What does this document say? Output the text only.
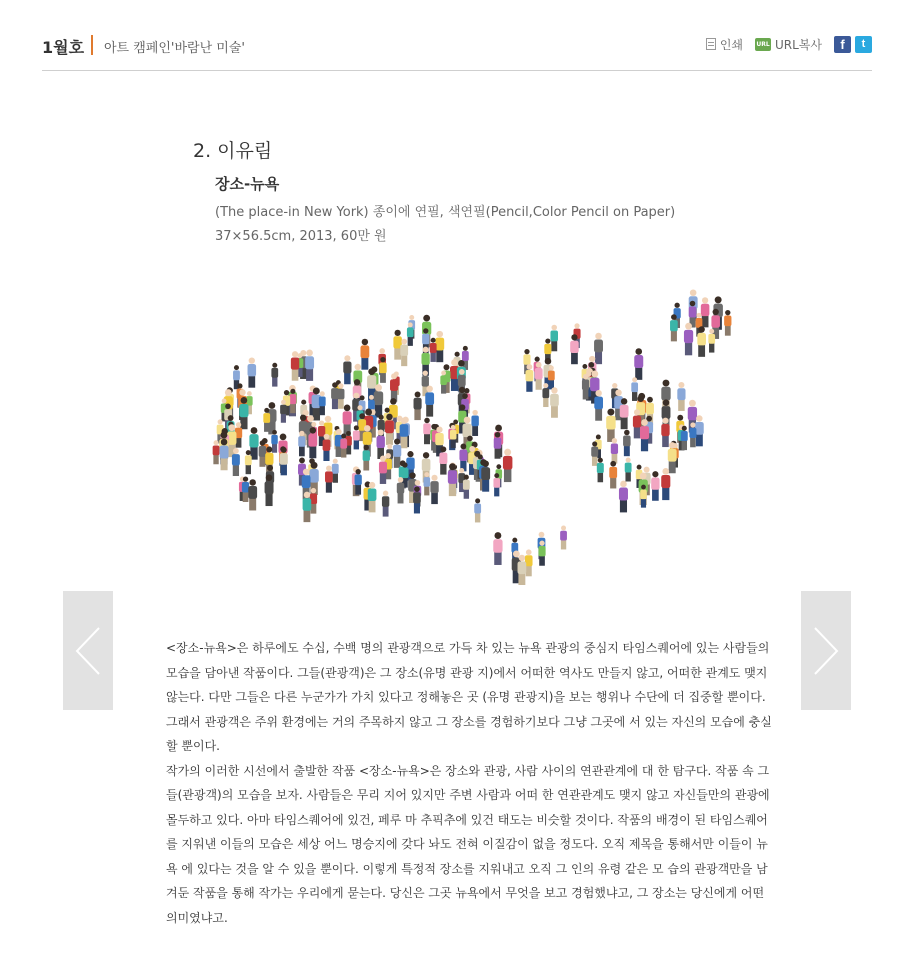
1월호 아트 캠페인'바람난 미술'	인쇄 URL URL복사	f	t
2. 이유림
장소-뉴욕
(The place-in New York) 종이에 연필, 색연필(Pencil,Color Pencil on Paper)
37×56.5cm, 2013, 60만 원

<장소-뉴욕>은 하루에도 수십, 수백 명의 관광객으로 가득 차 있는 뉴욕 관광의 중심지 타임스퀘어에 있는 사람들의 모습을 담아낸 작품이다. 그들(관광객)은 그 장소(유명 관광 지)에서 어떠한 역사도 만들지 않고, 어떠한 관계도 맺지 않는다. 다만 그들은 다른 누군가가 가치 있다고 정해놓은 곳 (유명 관광지)을 보는 행위나 수단에 더 집중할 뿐이다. 그래서 관광객은 주위 환경에는 거의 주목하지 않고 그 장소를 경험하기보다 그냥 그곳에 서 있는 자신의 모습에 충실할 뿐이다.

작가의 이러한 시선에서 출발한 작품 <장소-뉴욕>은 장소와 관광, 사람 사이의 연관관계에 대 한 탐구다. 작품 속 그들(관광객)의 모습을 보자. 사람들은 무리 지어 있지만 주변 사람과 어떠 한 연관관계도 맺지 않고 자신들만의 관광에 몰두하고 있다. 아마 타임스퀘어에 있건, 페루 마 추픽추에 있건 태도는 비슷할 것이다. 작품의 배경이 된 타임스퀘어를 지워낸 이들의 모습은 세상 어느 명승지에 갖다 놔도 전혀 이질감이 없을 정도다. 오직 제목을 통해서만 이들이 뉴욕 에 있다는 것을 알 수 있을 뿐이다. 이렇게 특정적 장소를 지워내고 오직 그 인의 유령 같은 모 습의 관광객만을 남겨둔 작품을 통해 작가는 우리에게 묻는다. 당신은 그곳 뉴욕에서 무엇을 보고 경험했냐고, 그 장소는 당신에게 어떤 의미였냐고.
